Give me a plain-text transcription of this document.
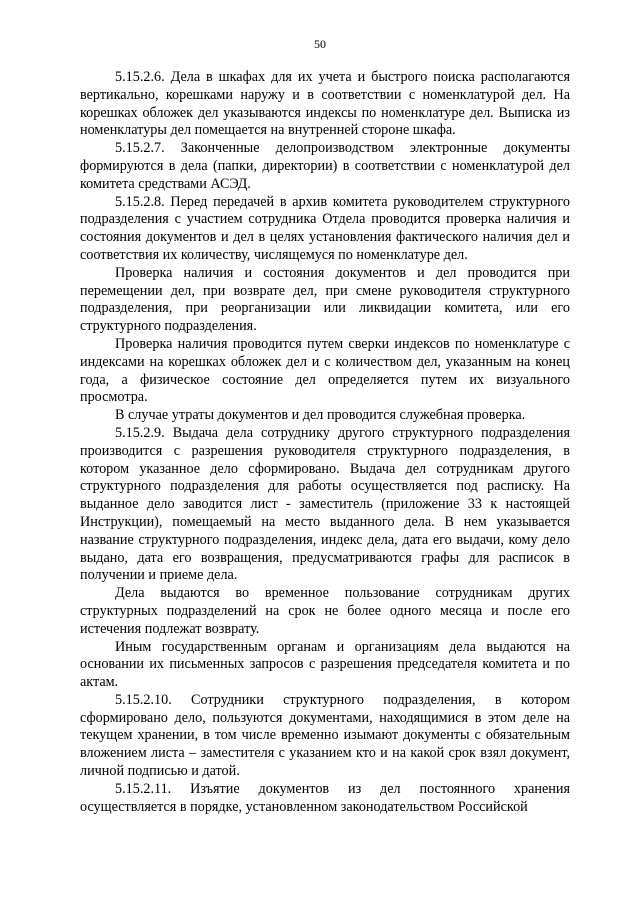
50

5.15.2.6. Дела в шкафах для их учета и быстрого поиска располагаются вертикально, корешками наружу и в соответствии с номенклатурой дел. На корешках обложек дел указываются индексы по номенклатуре дел. Выписка из номенклатуры дел помещается на внутренней стороне шкафа.

5.15.2.7. Законченные делопроизводством электронные документы формируются в дела (папки, директории) в соответствии с номенклатурой дел комитета средствами АСЭД.

5.15.2.8. Перед передачей в архив комитета руководителем структурного подразделения с участием сотрудника Отдела проводится проверка наличия и состояния документов и дел в целях установления фактического наличия дел и соответствия их количеству, числящемуся по номенклатуре дел.

Проверка наличия и состояния документов и дел проводится при перемещении дел, при возврате дел, при смене руководителя структурного подразделения, при реорганизации или ликвидации комитета, или его структурного подразделения.

Проверка наличия проводится путем сверки индексов по номенклатуре с индексами на корешках обложек дел и с количеством дел, указанным на конец года, а физическое состояние дел определяется путем их визуального просмотра.

В случае утраты документов и дел проводится служебная проверка.

5.15.2.9. Выдача дела сотруднику другого структурного подразделения производится с разрешения руководителя структурного подразделения, в котором указанное дело сформировано. Выдача дел сотрудникам другого структурного подразделения для работы осуществляется под расписку. На выданное дело заводится лист - заместитель (приложение 33 к настоящей Инструкции), помещаемый на место выданного дела. В нем указывается название структурного подразделения, индекс дела, дата его выдачи, кому дело выдано, дата его возвращения, предусматриваются графы для расписок в получении и приеме дела.

Дела выдаются во временное пользование сотрудникам других структурных подразделений на срок не более одного месяца и после его истечения подлежат возврату.

Иным государственным органам и организациям дела выдаются на основании их письменных запросов с разрешения председателя комитета и по актам.

5.15.2.10. Сотрудники структурного подразделения, в котором сформировано дело, пользуются документами, находящимися в этом деле на текущем хранении, в том числе временно изымают документы с обязательным вложением листа – заместителя с указанием кто и на какой срок взял документ, личной подписью и датой.

5.15.2.11. Изъятие документов из дел постоянного хранения осуществляется в порядке, установленном законодательством Российской
